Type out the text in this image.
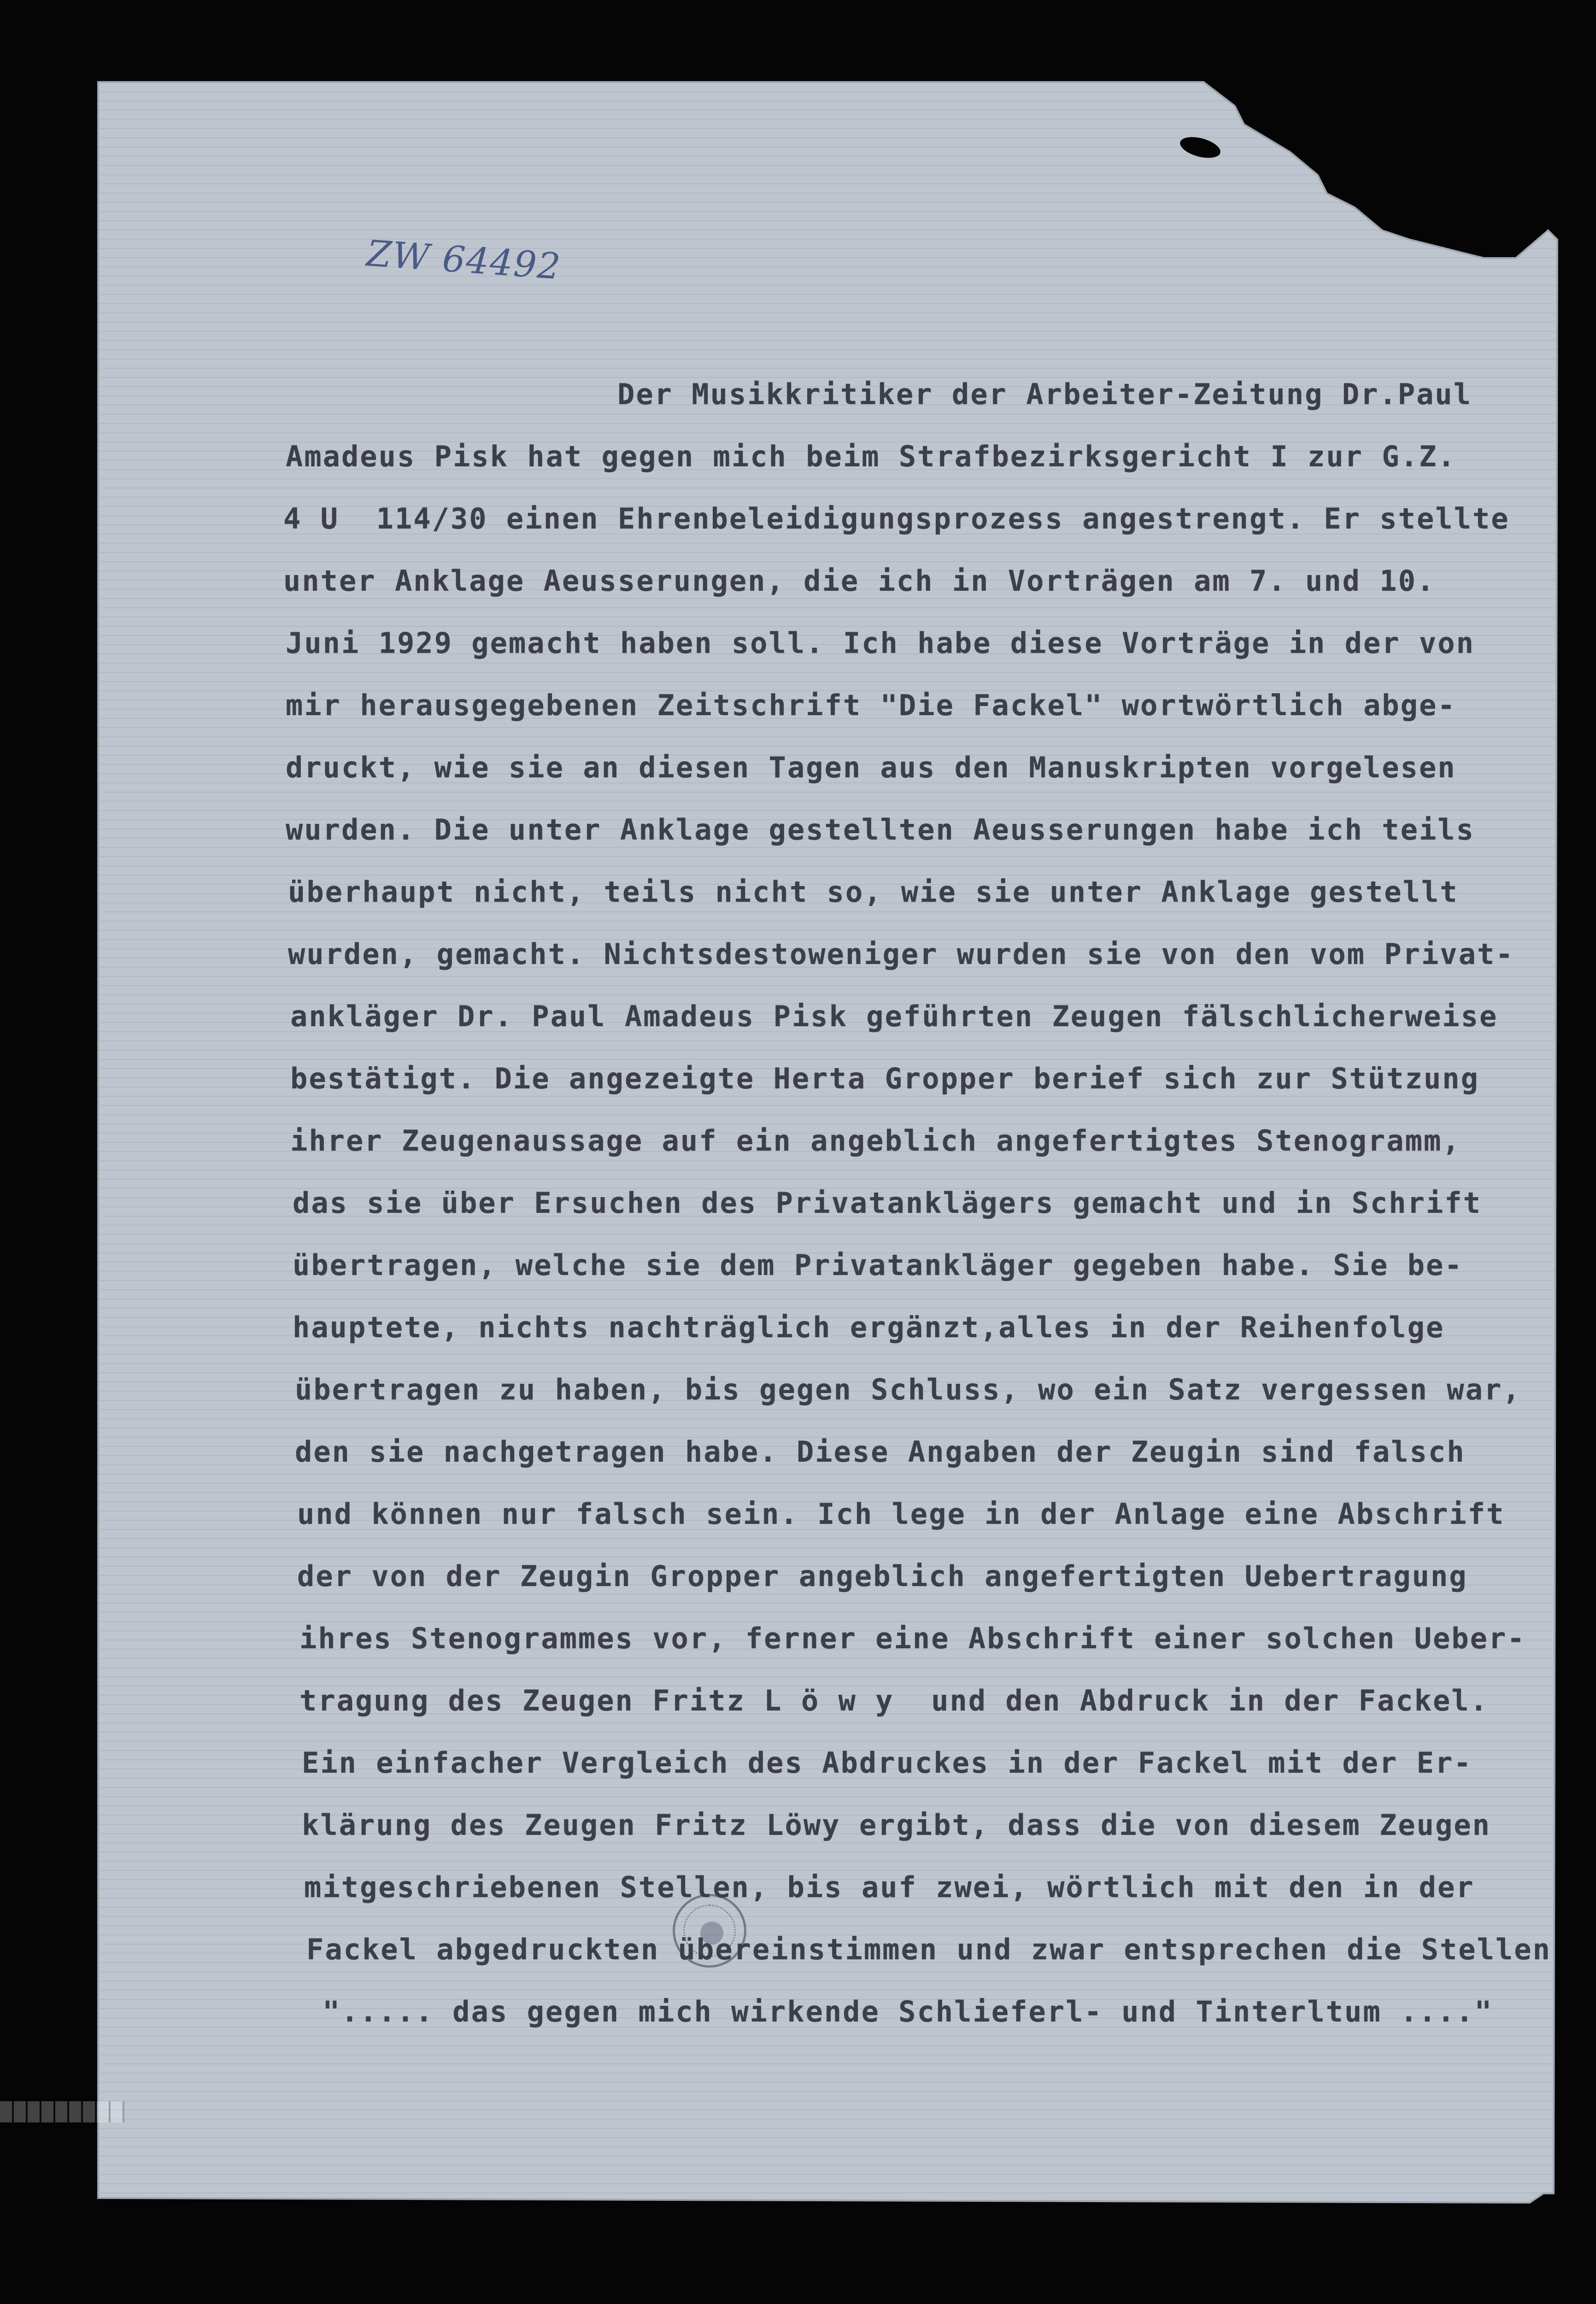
ZW 64492
Der Musikkritiker der Arbeiter-Zeitung Dr.Paul
Amadeus Pisk hat gegen mich beim Strafbezirksgericht I zur G.Z.
4 U  114/30 einen Ehrenbeleidigungsprozess angestrengt. Er stellte
unter Anklage Aeusserungen, die ich in Vorträgen am 7. und 10.
Juni 1929 gemacht haben soll. Ich habe diese Vorträge in der von
mir herausgegebenen Zeitschrift "Die Fackel" wortwörtlich abge-
druckt, wie sie an diesen Tagen aus den Manuskripten vorgelesen
wurden. Die unter Anklage gestellten Aeusserungen habe ich teils
überhaupt nicht, teils nicht so, wie sie unter Anklage gestellt
wurden, gemacht. Nichtsdestoweniger wurden sie von den vom Privat-
ankläger Dr. Paul Amadeus Pisk geführten Zeugen fälschlicherweise
bestätigt. Die angezeigte Herta Gropper berief sich zur Stützung
ihrer Zeugenaussage auf ein angeblich angefertigtes Stenogramm,
das sie über Ersuchen des Privatanklägers gemacht und in Schrift
übertragen, welche sie dem Privatankläger gegeben habe. Sie be-
hauptete, nichts nachträglich ergänzt,alles in der Reihenfolge
übertragen zu haben, bis gegen Schluss, wo ein Satz vergessen war,
den sie nachgetragen habe. Diese Angaben der Zeugin sind falsch
und können nur falsch sein. Ich lege in der Anlage eine Abschrift
der von der Zeugin Gropper angeblich angefertigten Uebertragung
ihres Stenogrammes vor, ferner eine Abschrift einer solchen Ueber-
tragung des Zeugen Fritz L ö w y  und den Abdruck in der Fackel.
Ein einfacher Vergleich des Abdruckes in der Fackel mit der Er-
klärung des Zeugen Fritz Löwy ergibt, dass die von diesem Zeugen
mitgeschriebenen Stellen, bis auf zwei, wörtlich mit den in der
Fackel abgedruckten übereinstimmen und zwar entsprechen die Stellen
"..... das gegen mich wirkende Schlieferl- und Tinterltum ...."
